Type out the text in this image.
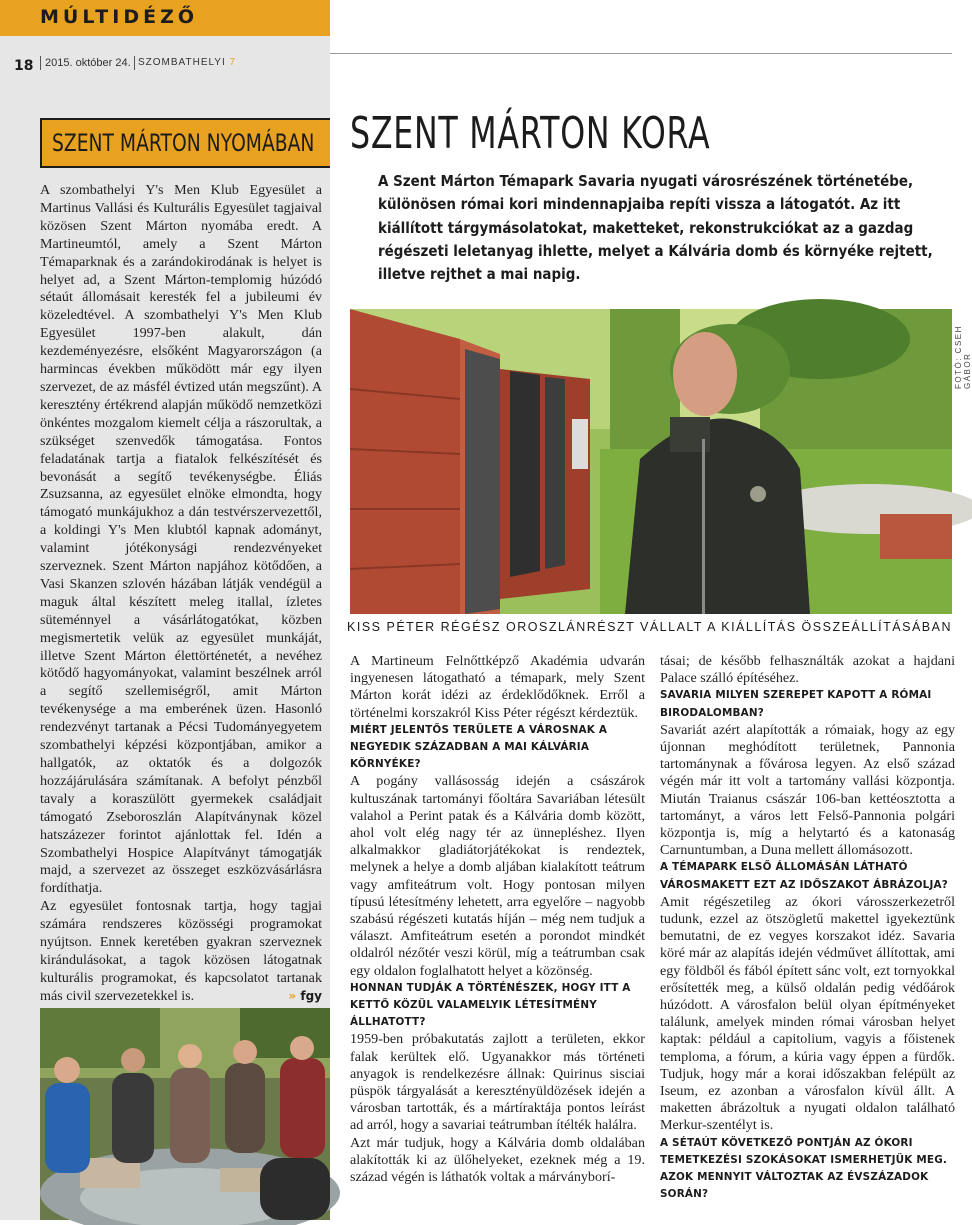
MÚLTIDÉZŐ
18	2015. október 24. SZOMBATHELYI 7
SZENT MÁRTON NYOMÁBAN

A szombathelyi Y's Men Klub Egyesület a Martinus Vallási és Kulturális Egyesület tagjaival közösen Szent Márton nyomába eredt. A Martineumtól, amely a Szent Márton Témaparknak és a zarándokirodának is helyet is helyet ad, a Szent Márton-templomig húzódó sétaút állomásait keresték fel a jubileumi év közeledtével. A szombathelyi Y's Men Klub Egyesület 1997-ben alakult, dán kezdeményezésre, elsőként Magyarországon (a harmincas években működött már egy ilyen szervezet, de az másfél évtized után megszűnt). A keresztény értékrend alapján működő nemzetközi önkéntes mozgalom kiemelt célja a rászorultak, a szükséget szenvedők támogatása. Fontos feladatának tartja a fiatalok felkészítését és bevonását a segítő tevékenységbe. Éliás Zsuzsanna, az egyesület elnöke elmondta, hogy támogató munkájukhoz a dán testvérszervezettől, a koldingi Y's Men klubtól kapnak adományt, valamint jótékonysági rendezvényeket szerveznek. Szent Márton napjához kötődően, a Vasi Skanzen szlovén házában látják vendégül a maguk által készített meleg itallal, ízletes süteménnyel a vásárlátogatókat, közben megismertetik velük az egyesület munkáját, illetve Szent Márton élettörténetét, a nevéhez kötődő hagyományokat, valamint beszélnek arról a segítő szellemiségről, amit Márton tevékenysége a ma emberének üzen. Hasonló rendezvényt tartanak a Pécsi Tudományegyetem szombathelyi képzési központjában, amikor a hallgatók, az oktatók és a dolgozók hozzájárulására számítanak. A befolyt pénzből tavaly a koraszülött gyermekek családjait támogató Zseboroszlán Alapítványnak közel hatszázezer forintot ajánlottak fel. Idén a Szombathelyi Hospice Alapítványt támogatják majd, a szervezet az összeget eszközvásárlásra fordíthatja.

Az egyesület fontosnak tartja, hogy tagjai számára rendszeres közösségi programokat nyújtson. Ennek keretében gyakran szerveznek kirándulásokat, a tagok közösen látogatnak kulturális programokat, és kapcsolatot tartanak más civil szervezetekkel is.	» fgy

SZENT MÁRTON KORA
A Szent Márton Témapark Savaria nyugati városrészének történetébe, különösen római kori mindennapjaiba repíti vissza a látogatót. Az itt kiállított tárgymásolatokat, maketteket, rekonstrukciókat az a gazdag régészeti leletanyag ihlette, melyet a Kálvária domb és környéke rejtett, illetve rejthet a mai napig.
FOTÓ: CSEH GÁBOR
KISS PÉTER RÉGÉSZ OROSZLÁNRÉSZT VÁLLALT A KIÁLLÍTÁS ÖSSZEÁLLÍTÁSÁBAN

A Martineum Felnőttképző Akadémia udvarán ingyenesen látogatható a témapark, mely Szent Márton korát idézi az érdeklődőknek. Erről a történelmi korszakról Kiss Péter régészt kérdeztük.

MIÉRT JELENTŐS TERÜLETE A VÁROSNAK A NEGYEDIK SZÁZADBAN A MAI KÁLVÁRIA KÖRNYÉKE?

A pogány vallásosság idején a császárok kultuszának tartományi főoltára Savariában létesült valahol a Perint patak és a Kálvária domb között, ahol volt elég nagy tér az ünnepléshez. Ilyen alkalmakkor gladiátorjátékokat is rendeztek, melynek a helye a domb aljában kialakított teátrum vagy amfiteátrum volt. Hogy pontosan milyen típusú létesítmény lehetett, arra egyelőre – nagyobb szabású régészeti kutatás híján – még nem tudjuk a választ. Amfiteátrum esetén a porondot mindkét oldalról nézőtér veszi körül, míg a teátrumban csak egy oldalon foglalhatott helyet a közönség.

HONNAN TUDJÁK A TÖRTÉNÉSZEK, HOGY ITT A KETTŐ KÖZÜL VALAMELYIK LÉTESÍTMÉNY ÁLLHATOTT?

1959-ben próbakutatás zajlott a területen, ekkor falak kerültek elő. Ugyanakkor más történeti anyagok is rendelkezésre állnak: Quirinus sisciai püspök tárgyalását a keresztényüldözések idején a városban tartották, és a mártíraktája pontos leírást ad arról, hogy a savariai teátrumban ítélték halálra.

Azt már tudjuk, hogy a Kálvária domb oldalában alakították ki az ülőhelyeket, ezeknek még a 19. század végén is láthatók voltak a márványborí-

tásai; de később felhasználták azokat a hajdani Palace szálló építéséhez.

SAVARIA MILYEN SZEREPET KAPOTT A RÓMAI BIRODALOMBAN?

Savariát azért alapították a rómaiak, hogy az egy újonnan meghódított területnek, Pannonia tartománynak a fővárosa legyen. Az első század végén már itt volt a tartomány vallási központja. Miután Traianus császár 106-ban kettéosztotta a tartományt, a város lett Felső-Pannonia polgári központja is, míg a helytartó és a katonaság Carnuntumban, a Duna mellett állomásozott.

A TÉMAPARK ELSŐ ÁLLOMÁSÁN LÁTHATÓ VÁROSMAKETT EZT AZ IDŐSZAKOT ÁBRÁZOLJA?

Amit régészetileg az ókori városszerkezetről tudunk, ezzel az ötszögletű makettel igyekeztünk bemutatni, de ez vegyes korszakot idéz. Savaria köré már az alapítás idején védművet állítottak, ami egy földből és fából épített sánc volt, ezt tornyokkal erősítették meg, a külső oldalán pedig védőárok húzódott. A városfalon belül olyan építményeket találunk, amelyek minden római városban helyet kaptak: például a capitolium, vagyis a főistenek temploma, a fórum, a kúria vagy éppen a fürdők. Tudjuk, hogy már a korai időszakban felépült az Iseum, ez azonban a városfalon kívül állt. A maketten ábrázoltuk a nyugati oldalon található Merkur-szentélyt is.

A SÉTAÚT KÖVETKEZŐ PONTJÁN AZ ÓKORI TEMETKEZÉSI SZOKÁSOKAT ISMERHETJÜK MEG. AZOK MENNYIT VÁLTOZTAK AZ ÉVSZÁZADOK SORÁN?
